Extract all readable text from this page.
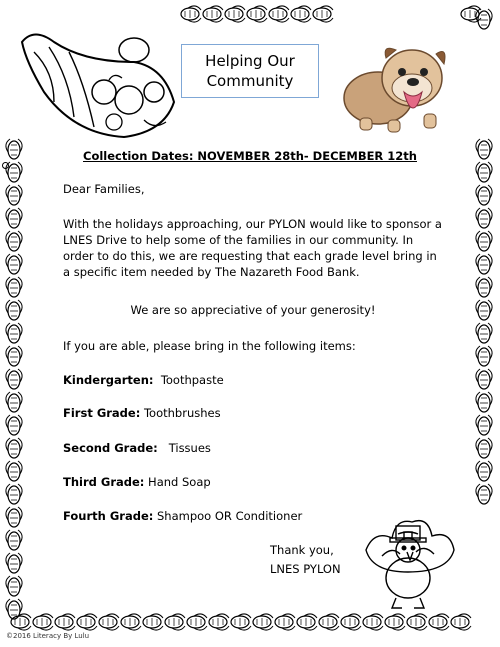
Helping Our
Community
Collection Dates: NOVEMBER 28th- DECEMBER 12th
Dear Families,
With the holidays approaching, our PYLON would like to sponsor a LNES Drive to help some of the families in our community. In order to do this, we are requesting that each grade level bring in a specific item needed by The Nazareth Food Bank.
We are so appreciative of your generosity!
If you are able, please bring in the following items:
Kindergarten: Toothpaste
First Grade: Toothbrushes
Second Grade: Tissues
Third Grade: Hand Soap
Fourth Grade: Shampoo OR Conditioner
Thank you,
LNES PYLON
©2016 Literacy By Lulu
